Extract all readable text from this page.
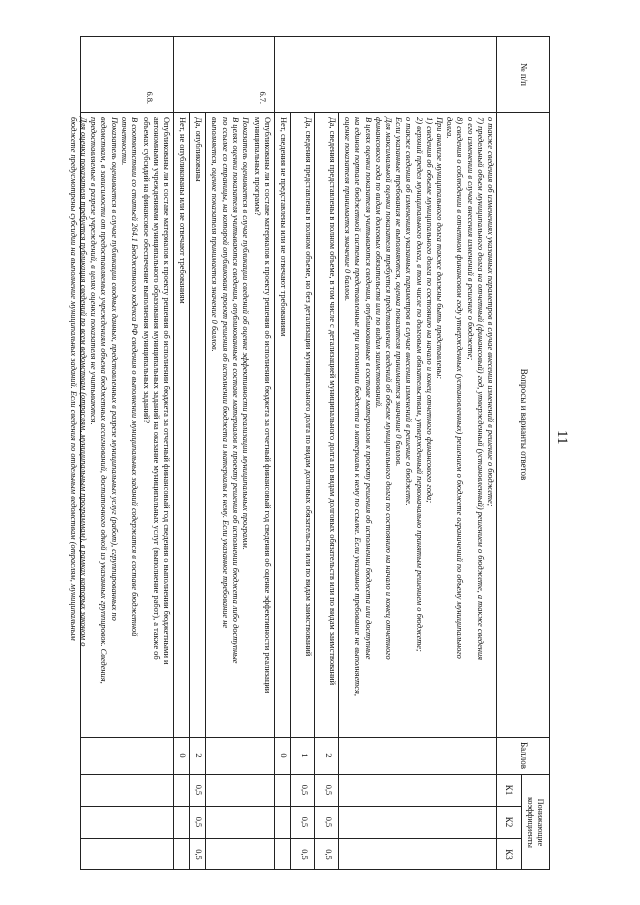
11
№ п/п
Вопросы и варианты ответов
Баллов
Понижающие коэффициенты
К1
К2
К3
о также сведения об изменениях указанных параметров в случае внесения изменений в решение о бюджете;
7) предельный объем муниципального долга на отчетный (финансовый) год, утвержденный (установленный) решением о бюджете, а также сведения
о его изменении в случае внесения изменений в решение о бюджете;
8) сведения о соблюдении в отчетном финансовом году утвержденных (установленных) решением о бюджете ограничений по объему муниципального
долга.
При анализе муниципального долга также должны быть представлены:
1) сведения об объеме муниципального долга по состоянию на начало и конец отчетного финансового года;
2) верхний предел муниципального долга, в том числе по долговым обязательствам, утвержденный первоначально принятым решением о бюджете;
о также сведения об изменениях указанных параметров в случае внесения изменений в решение о бюджете.
Если указанные требования не выполняются, оценка показателя принимается значение 0 баллов.
Для максимальной оценки показателя требуется представление сведений об объеме муниципального долга по состоянию на начало и конец отчетного
финансового года по видам долговых обязательств или по видам заимствований.
В целях оценки показателя учитываются сведения, опубликованные в составе материалов к проекту решения об исполнении бюджета или доступные
на едином портале бюджетной системы представленные при исполнении бюджета и материалы к нему по ссылке. Если указанное требование не выполняется,
оценке показателя принимается значение 0 баллов.
Да, сведения представлены в полном объеме, в том числе с детализацией муниципального долга по видам долговых обязательств или по видам заимствований
2
0,5
0,5
0,5
Да, сведения представлены в полном объеме, но без детализации муниципального долга по видам долговых обязательств или по видам заимствований
1
0,5
0,5
0,5
Нет, сведения не представлены или не отвечают требованиям
0
6.7.
Опубликованы ли в составе материалов к проекту решения об исполнении бюджета за отчетный финансовый год сведения об оценке эффективности реализации муниципальных программ?
Показатель оценивается в случае публикации сведений об оценке эффективности реализации муниципальных программ.
В целях оценки показателя учитываются сведения, опубликованные в составе материалов к проекту решения об исполнении бюджета либо доступные
по ссылке со страницы, на которой опубликован проект решения об исполнении бюджета и материалы к нему. Если указанное требование не
выполняется, оценке показателя принимается значение 0 баллов.
Да, опубликованы
2
0,5
0,5
0,5
Нет, не опубликованы или не отвечают требованиям
0
6.8.
Опубликованы ли в составе материалов к проекту решения об исполнении бюджета за отчетный финансовый год сведения о выполнении бюджетными и
автономными учреждениями муниципального образования муниципальных заданий на оказание муниципальных услуг (выполнение работ), а также об
объемах субсидий на финансовое обеспечение выполнения муниципальных заданий?
В соответствии со статьей 264.1 Бюджетного кодекса РФ сведения о выполнении муниципальных заданий содержатся в составе бюджетной
отчетности.
Показатель оценивается в случае публикации сводных данных, представленных в разрезе муниципальных услуг (работ), сгруппированных по
ведомствам, в зависимости от предоставляемых учреждениям объема бюджетных ассигнований, достаточного одной из указанных группировок. Сведения,
предоставляемые в разрезе учреждений, в целях оценки показателя не учитываются.
Для оценки показателя требуется публикация сведений по всем ведомствам (отраслям, муниципальным программам), в рамках которых законом о
бюджете предусмотрены субсидии на выполнение муниципальных заданий. Если сведения по отдельным ведомствам (отраслям, муниципальным
